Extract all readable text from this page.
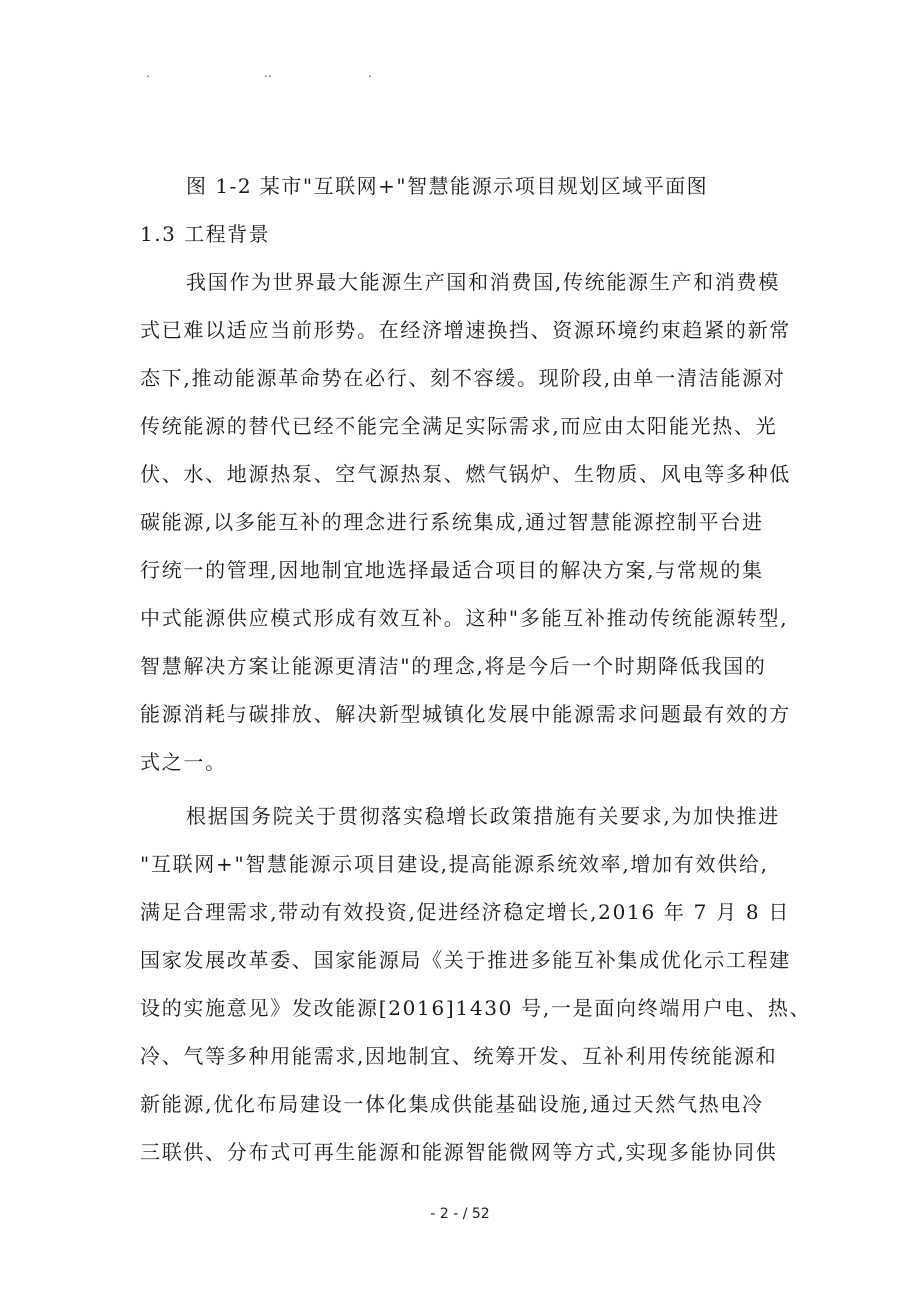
.	..	.
图 1-2 某市"互联网+"智慧能源示项目规划区域平面图
1.3 工程背景
我国作为世界最大能源生产国和消费国,传统能源生产和消费模
式已难以适应当前形势。在经济增速换挡、资源环境约束趋紧的新常
态下,推动能源革命势在必行、刻不容缓。现阶段,由单一清洁能源对
传统能源的替代已经不能完全满足实际需求,而应由太阳能光热、光
伏、水、地源热泵、空气源热泵、燃气锅炉、生物质、风电等多种低
碳能源,以多能互补的理念进行系统集成,通过智慧能源控制平台进
行统一的管理,因地制宜地选择最适合项目的解决方案,与常规的集
中式能源供应模式形成有效互补。这种"多能互补推动传统能源转型,
智慧解决方案让能源更清洁"的理念,将是今后一个时期降低我国的
能源消耗与碳排放、解决新型城镇化发展中能源需求问题最有效的方
式之一。
根据国务院关于贯彻落实稳增长政策措施有关要求,为加快推进
"互联网+"智慧能源示项目建设,提高能源系统效率,增加有效供给,
满足合理需求,带动有效投资,促进经济稳定增长,2016 年 7 月 8 日
国家发展改革委、国家能源局《关于推进多能互补集成优化示工程建
设的实施意见》发改能源[2016]1430 号,一是面向终端用户电、热、
冷、气等多种用能需求,因地制宜、统筹开发、互补利用传统能源和
新能源,优化布局建设一体化集成供能基础设施,通过天然气热电冷
三联供、分布式可再生能源和能源智能微网等方式,实现多能协同供
- 2 - / 52
